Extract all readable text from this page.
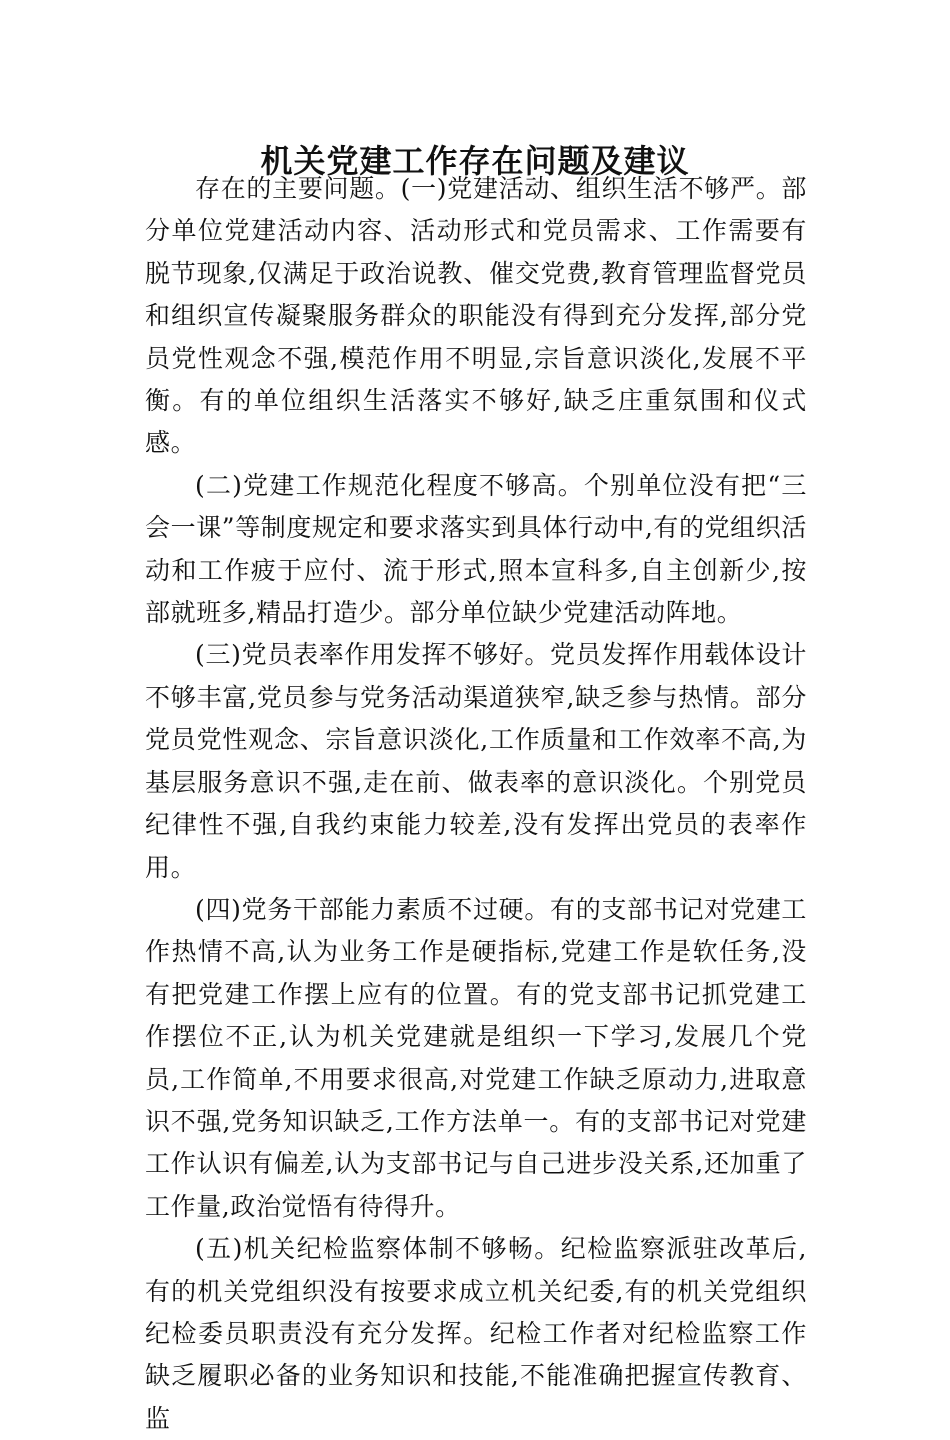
机关党建工作存在问题及建议

存在的主要问题。(一)党建活动、组织生活不够严。部分单位党建活动内容、活动形式和党员需求、工作需要有脱节现象,仅满足于政治说教、催交党费,教育管理监督党员和组织宣传凝聚服务群众的职能没有得到充分发挥,部分党员党性观念不强,模范作用不明显,宗旨意识淡化,发展不平衡。有的单位组织生活落实不够好,缺乏庄重氛围和仪式感。

(二)党建工作规范化程度不够高。个别单位没有把“三会一课”等制度规定和要求落实到具体行动中,有的党组织活动和工作疲于应付、流于形式,照本宣科多,自主创新少,按部就班多,精品打造少。部分单位缺少党建活动阵地。

(三)党员表率作用发挥不够好。党员发挥作用载体设计不够丰富,党员参与党务活动渠道狭窄,缺乏参与热情。部分党员党性观念、宗旨意识淡化,工作质量和工作效率不高,为基层服务意识不强,走在前、做表率的意识淡化。个别党员纪律性不强,自我约束能力较差,没有发挥出党员的表率作用。

(四)党务干部能力素质不过硬。有的支部书记对党建工作热情不高,认为业务工作是硬指标,党建工作是软任务,没有把党建工作摆上应有的位置。有的党支部书记抓党建工作摆位不正,认为机关党建就是组织一下学习,发展几个党员,工作简单,不用要求很高,对党建工作缺乏原动力,进取意识不强,党务知识缺乏,工作方法单一。有的支部书记对党建工作认识有偏差,认为支部书记与自己进步没关系,还加重了工作量,政治觉悟有待得升。

(五)机关纪检监察体制不够畅。纪检监察派驻改革后,有的机关党组织没有按要求成立机关纪委,有的机关党组织纪检委员职责没有充分发挥。纪检工作者对纪检监察工作缺乏履职必备的业务知识和技能,不能准确把握宣传教育、监
